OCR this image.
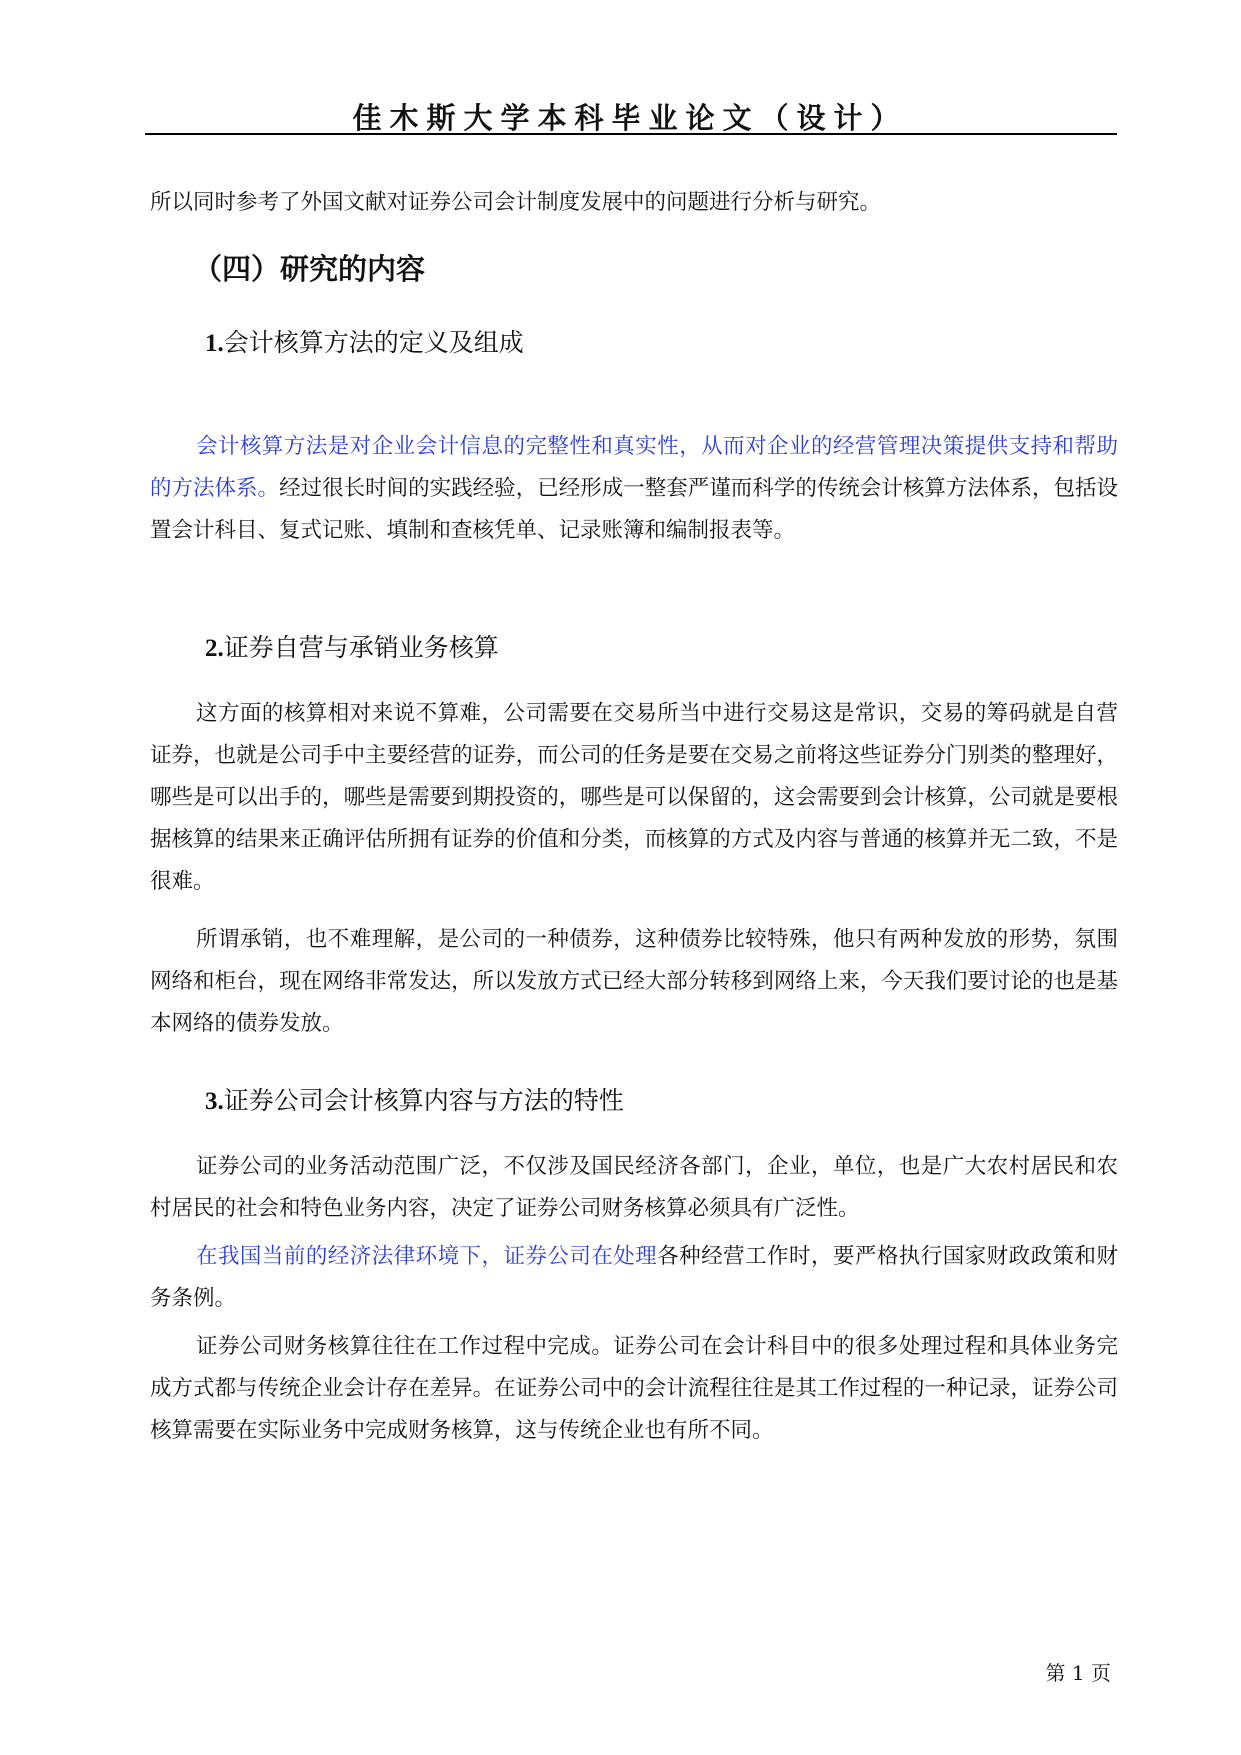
佳木斯大学本科毕业论文（设计）
所以同时参考了外国文献对证券公司会计制度发展中的问题进行分析与研究。
（四）研究的内容
1.会计核算方法的定义及组成
会计核算方法是对企业会计信息的完整性和真实性，从而对企业的经营管理决策提供支持和帮助的方法体系。经过很长时间的实践经验，已经形成一整套严谨而科学的传统会计核算方法体系，包括设置会计科目、复式记账、填制和查核凭单、记录账簿和编制报表等。
2.证券自营与承销业务核算
这方面的核算相对来说不算难，公司需要在交易所当中进行交易这是常识，交易的筹码就是自营证券，也就是公司手中主要经营的证券，而公司的任务是要在交易之前将这些证券分门别类的整理好，哪些是可以出手的，哪些是需要到期投资的，哪些是可以保留的，这会需要到会计核算，公司就是要根据核算的结果来正确评估所拥有证券的价值和分类，而核算的方式及内容与普通的核算并无二致，不是很难。
所谓承销，也不难理解，是公司的一种债券，这种债券比较特殊，他只有两种发放的形势，氛围网络和柜台，现在网络非常发达，所以发放方式已经大部分转移到网络上来，今天我们要讨论的也是基本网络的债券发放。
3.证券公司会计核算内容与方法的特性
证券公司的业务活动范围广泛，不仅涉及国民经济各部门，企业，单位，也是广大农村居民和农村居民的社会和特色业务内容，决定了证券公司财务核算必须具有广泛性。
在我国当前的经济法律环境下，证券公司在处理各种经营工作时，要严格执行国家财政政策和财务条例。
证券公司财务核算往往在工作过程中完成。证券公司在会计科目中的很多处理过程和具体业务完成方式都与传统企业会计存在差异。在证券公司中的会计流程往往是其工作过程的一种记录，证券公司核算需要在实际业务中完成财务核算，这与传统企业也有所不同。
第 1 页
